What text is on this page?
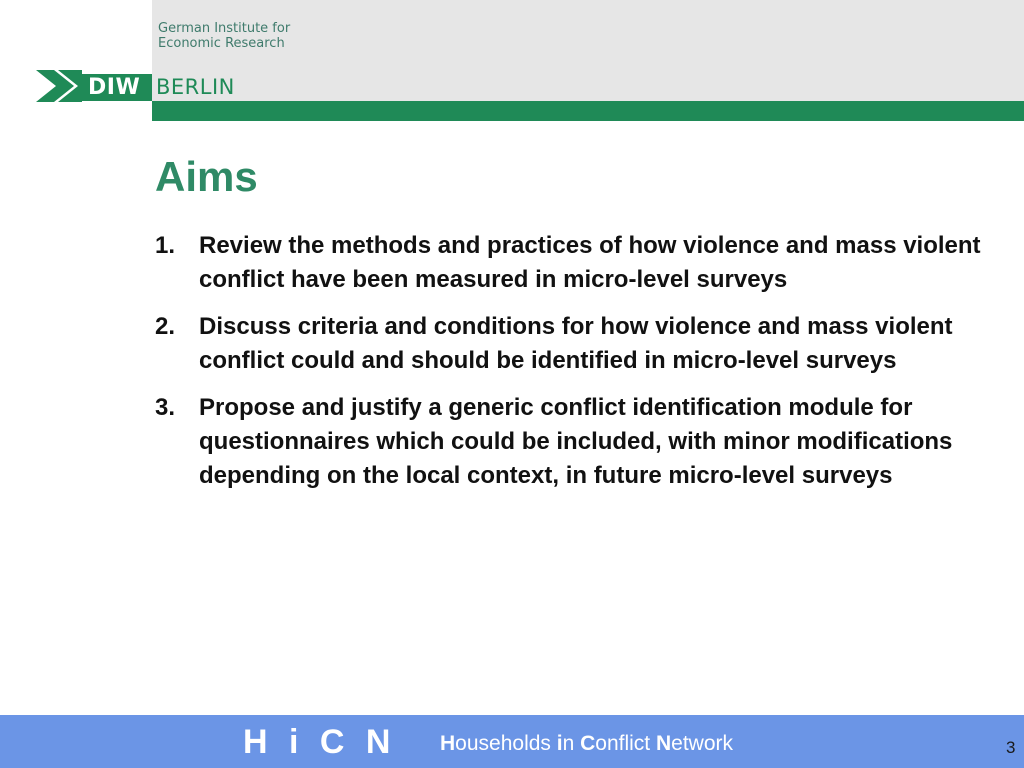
German Institute for
Economic Research
DIW BERLIN
Aims
1. Review the methods and practices of how violence and mass violent conflict have been measured in micro-level surveys
2. Discuss criteria and conditions for how violence and mass violent conflict could and should be identified in micro-level surveys
3. Propose and justify a generic conflict identification module for questionnaires which could be included, with minor modifications depending on the local context, in future micro-level surveys
H i C N Households in Conflict Network	3
